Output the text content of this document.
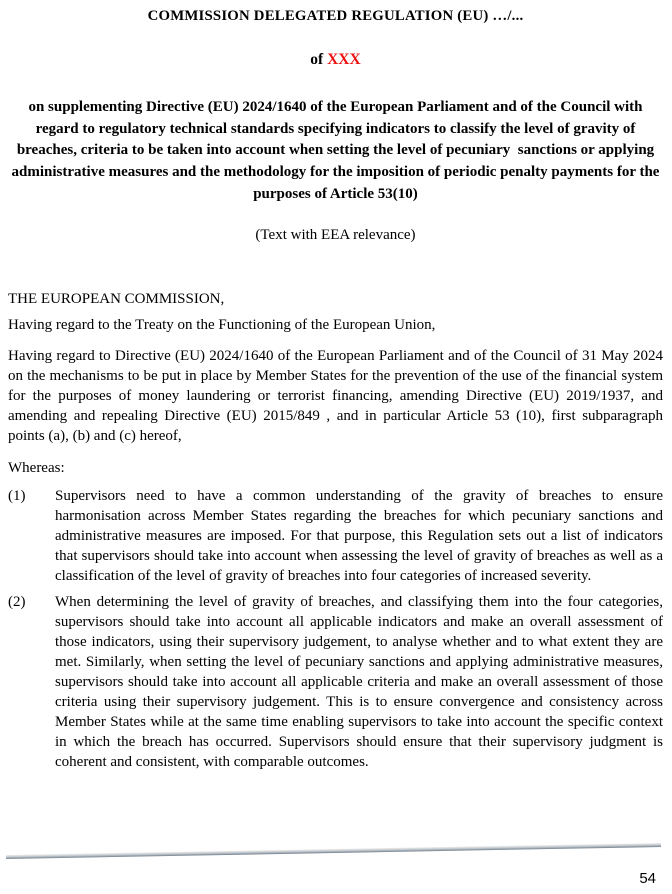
COMMISSION DELEGATED REGULATION (EU) …/...

of XXX

on supplementing Directive (EU) 2024/1640 of the European Parliament and of the Council with regard to regulatory technical standards specifying indicators to classify the level of gravity of breaches, criteria to be taken into account when setting the level of pecuniary  sanctions or applying administrative measures and the methodology for the imposition of periodic penalty payments for the purposes of Article 53(10)

(Text with EEA relevance)

THE EUROPEAN COMMISSION,

Having regard to the Treaty on the Functioning of the European Union,

Having regard to Directive (EU) 2024/1640 of the European Parliament and of the Council of 31 May 2024 on the mechanisms to be put in place by Member States for the prevention of the use of the financial system for the purposes of money laundering or terrorist financing, amending Directive (EU) 2019/1937, and amending and repealing Directive (EU) 2015/849 , and in particular Article 53 (10), first subparagraph points (a), (b) and (c) hereof,

Whereas:

(1)	Supervisors need to have a common understanding of the gravity of breaches to ensure harmonisation across Member States regarding the breaches for which pecuniary sanctions and administrative measures are imposed. For that purpose, this Regulation sets out a list of indicators that supervisors should take into account when assessing the level of gravity of breaches as well as a classification of the level of gravity of breaches into four categories of increased severity.
(2)	When determining the level of gravity of breaches, and classifying them into the four categories, supervisors should take into account all applicable indicators and make an overall assessment of those indicators, using their supervisory judgement, to analyse whether and to what extent they are met. Similarly, when setting the level of pecuniary sanctions and applying administrative measures, supervisors should take into account all applicable criteria and make an overall assessment of those criteria using their supervisory judgement. This is to ensure convergence and consistency across Member States while at the same time enabling supervisors to take into account the specific context in which the breach has occurred. Supervisors should ensure that their supervisory judgment is coherent and consistent, with comparable outcomes.
54
